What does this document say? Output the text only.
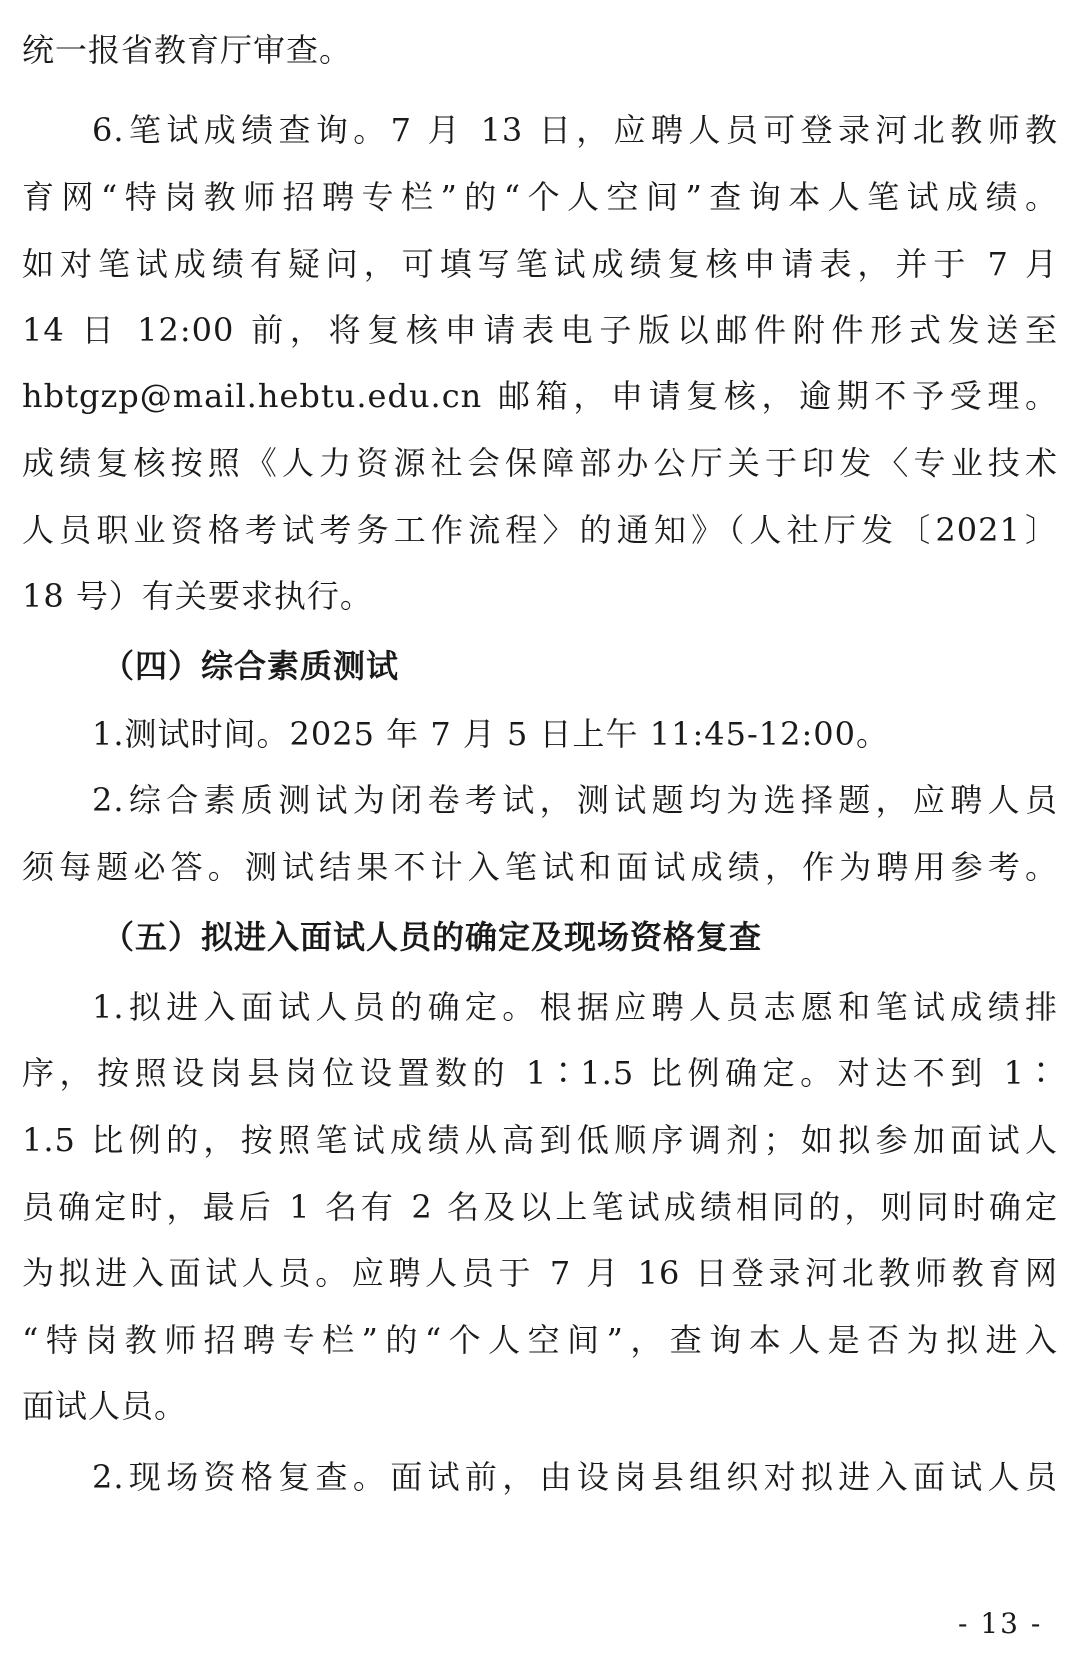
统一报省教育厅审查。
6.笔试成绩查询。7 月 13 日，应聘人员可登录河北教师教
育网“特岗教师招聘专栏”的“个人空间”查询本人笔试成绩。
如对笔试成绩有疑问，可填写笔试成绩复核申请表，并于 7 月
14 日 12:00 前，将复核申请表电子版以邮件附件形式发送至
hbtgzp@mail.hebtu.edu.cn 邮箱，申请复核，逾期不予受理。
成绩复核按照《人力资源社会保障部办公厅关于印发〈专业技术
人员职业资格考试考务工作流程〉的通知》（人社厅发〔2021〕
18 号）有关要求执行。
（四）综合素质测试
1.测试时间。2025 年 7 月 5 日上午 11:45-12:00。
2.综合素质测试为闭卷考试，测试题均为选择题，应聘人员
须每题必答。测试结果不计入笔试和面试成绩，作为聘用参考。
（五）拟进入面试人员的确定及现场资格复查
1.拟进入面试人员的确定。根据应聘人员志愿和笔试成绩排
序，按照设岗县岗位设置数的 1∶1.5 比例确定。对达不到 1∶
1.5 比例的，按照笔试成绩从高到低顺序调剂；如拟参加面试人
员确定时，最后 1 名有 2 名及以上笔试成绩相同的，则同时确定
为拟进入面试人员。应聘人员于 7 月 16 日登录河北教师教育网
“特岗教师招聘专栏”的“个人空间”，查询本人是否为拟进入
面试人员。
2.现场资格复查。面试前，由设岗县组织对拟进入面试人员
- 13 -
